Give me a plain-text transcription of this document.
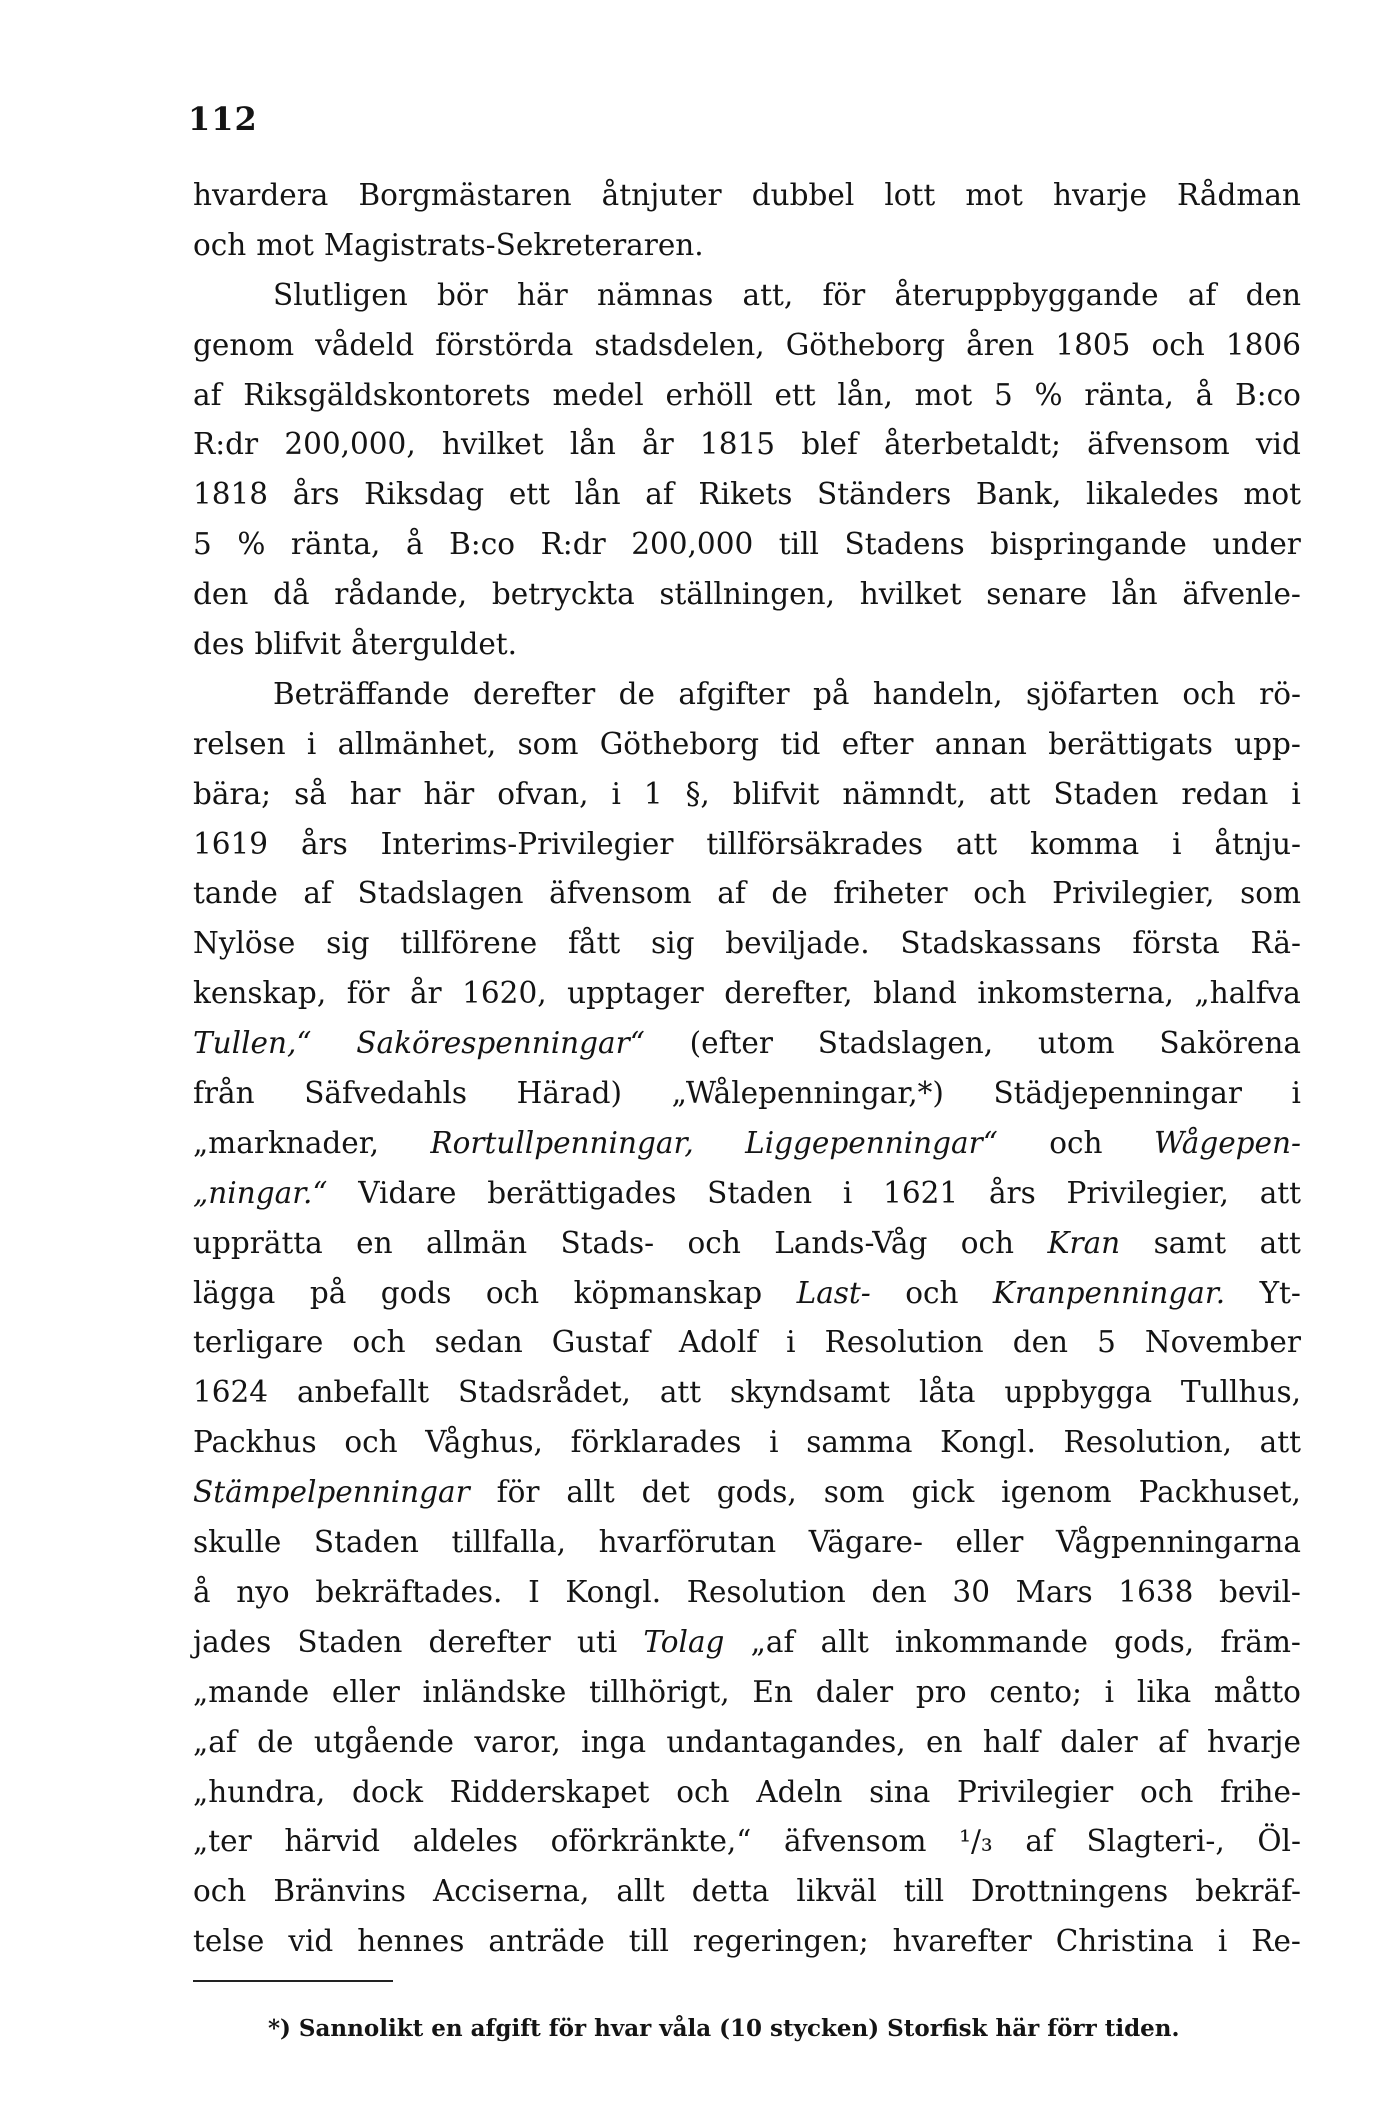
112
hvardera Borgmästaren åtnjuter dubbel lott mot hvarje Rådman
och mot Magistrats-Sekreteraren.
Slutligen bör här nämnas att, för återuppbyggande af den
genom vådeld förstörda stadsdelen, Götheborg åren 1805 och 1806
af Riksgäldskontorets medel erhöll ett lån, mot 5 % ränta, å B:co
R:dr 200,000, hvilket lån år 1815 blef återbetaldt; äfvensom vid
1818 års Riksdag ett lån af Rikets Ständers Bank, likaledes mot
5 % ränta, å B:co R:dr 200,000 till Stadens bispringande under
den då rådande, betryckta ställningen, hvilket senare lån äfvenle-
des blifvit återguldet.
Beträffande derefter de afgifter på handeln, sjöfarten och rö-
relsen i allmänhet, som Götheborg tid efter annan berättigats upp-
bära; så har här ofvan, i 1 §, blifvit nämndt, att Staden redan i
1619 års Interims-Privilegier tillförsäkrades att komma i åtnju-
tande af Stadslagen äfvensom af de friheter och Privilegier, som
Nylöse sig tillförene fått sig beviljade. Stadskassans första Rä-
kenskap, för år 1620, upptager derefter, bland inkomsterna, „halfva
Tullen,“ Sakörespenningar“ (efter Stadslagen, utom Sakörena
från Säfvedahls Härad) „Wålepenningar,*) Städjepenningar i
„marknader, Rortullpenningar, Liggepenningar“ och Wågepen-
„ningar.“ Vidare berättigades Staden i 1621 års Privilegier, att
upprätta en allmän Stads- och Lands-Våg och Kran samt att
lägga på gods och köpmanskap Last- och Kranpenningar. Yt-
terligare och sedan Gustaf Adolf i Resolution den 5 November
1624 anbefallt Stadsrådet, att skyndsamt låta uppbygga Tullhus,
Packhus och Våghus, förklarades i samma Kongl. Resolution, att
Stämpelpenningar för allt det gods, som gick igenom Packhuset,
skulle Staden tillfalla, hvarförutan Vägare- eller Vågpenningarna
å nyo bekräftades. I Kongl. Resolution den 30 Mars 1638 bevil-
jades Staden derefter uti Tolag „af allt inkommande gods, främ-
„mande eller inländske tillhörigt, En daler pro cento; i lika måtto
„af de utgående varor, inga undantagandes, en half daler af hvarje
„hundra, dock Ridderskapet och Adeln sina Privilegier och frihe-
„ter härvid aldeles oförkränkte,“ äfvensom ¹/₃ af Slagteri-, Öl-
och Bränvins Acciserna, allt detta likväl till Drottningens bekräf-
telse vid hennes anträde till regeringen; hvarefter Christina i Re-
*) Sannolikt en afgift för hvar våla (10 stycken) Storfisk här förr tiden.
